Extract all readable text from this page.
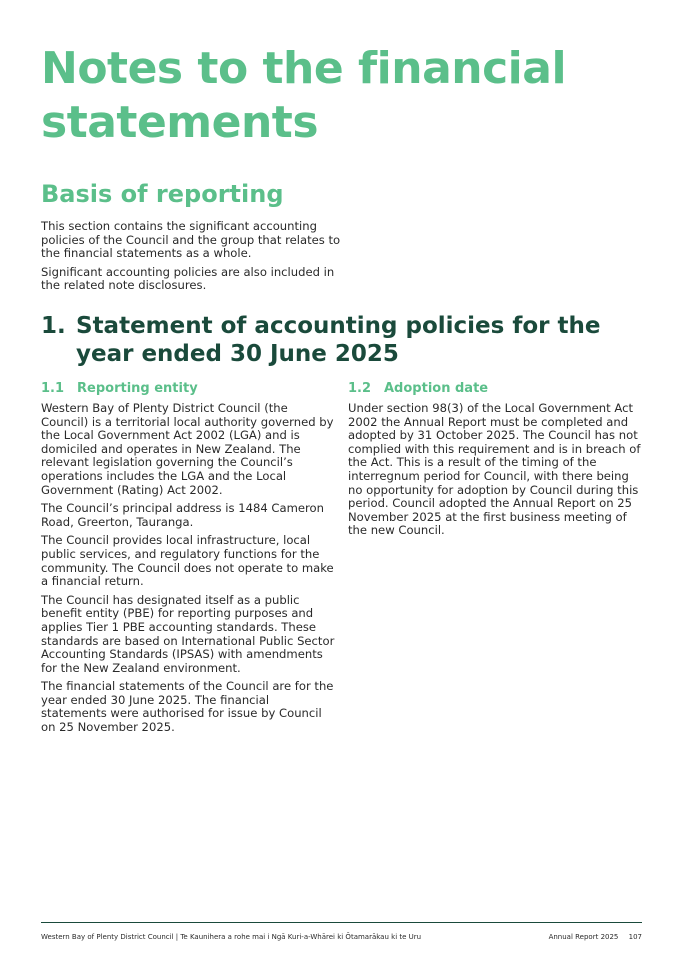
Notes to the financial statements
Basis of reporting

This section contains the significant accounting policies of the Council and the group that relates to the financial statements as a whole.

Significant accounting policies are also included in the related note disclosures.

1. Statement of accounting policies for the year ended 30 June 2025
1.1 Reporting entity

Western Bay of Plenty District Council (the Council) is a territorial local authority governed by the Local Government Act 2002 (LGA) and is domiciled and operates in New Zealand. The relevant legislation governing the Council’s operations includes the LGA and the Local Government (Rating) Act 2002.

The Council’s principal address is 1484 Cameron Road, Greerton, Tauranga.

The Council provides local infrastructure, local public services, and regulatory functions for the community. The Council does not operate to make a financial return.

The Council has designated itself as a public benefit entity (PBE) for reporting purposes and applies Tier 1 PBE accounting standards. These standards are based on International Public Sector Accounting Standards (IPSAS) with amendments for the New Zealand environment.

The financial statements of the Council are for the year ended 30 June 2025. The financial statements were authorised for issue by Council on 25 November 2025.

1.2 Adoption date

Under section 98(3) of the Local Government Act 2002 the Annual Report must be completed and adopted by 31 October 2025. The Council has not complied with this requirement and is in breach of the Act. This is a result of the timing of the interregnum period for Council, with there being no opportunity for adoption by Council during this period. Council adopted the Annual Report on 25 November 2025 at the first business meeting of the new Council.

Western Bay of Plenty District Council | Te Kaunihera a rohe mai i Ngā Kuri-a-Whārei ki Ōtamarākau ki te Uru	Annual Report 2025 107
